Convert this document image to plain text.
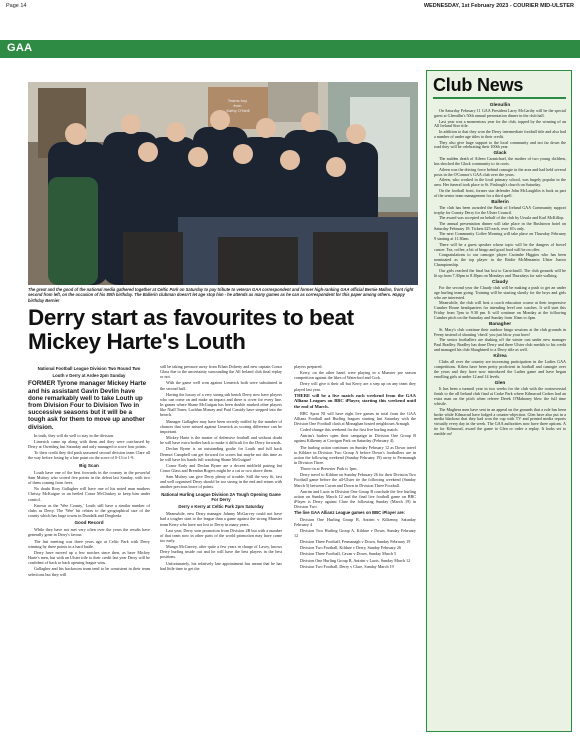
Page 14	WEDNESDAY, 1st February 2023 - COURIER MID-ULSTER
GAA
Teams buy from Kathy O'Neill
The great and the good of the national media gathered together at Celtic Park on Saturday to pay tribute to veteran GAA correspondent and former high-ranking GAA official Bernie Mallon, front right second from left, on the occasion of his 80th birthday. The Ballerin clubman doesn't let age stop him - he attends as many games as he can as correspondent for this paper among others. Happy birthday Bernie!
Derry start as favourites to beat Mickey Harte's Louth

National Football League Division Two Round Two

Louth v Derry at Ardee 2pm Sunday

FORMER Tyrone manager Mickey Harte and his assistant Gavin Devlin have done remarkably well to take Louth up from Division Four to Division Two in successive seasons but it will be a tough ask for them to move up another division.

In truth, they will do well to stay in the division.

Limerick came up along with them and they were outclassed by Derry at Owenbeg last Saturday and only managed to score four points.

To their credit they did push seasoned second division team Clare all the way before losing by a late point on the score of 0-13 to 1-9.

Big Scan

Louth have one of the best forwards in the country in the powerful Sam Mulroy who scored five points in the defeat last Sunday, with two of them coming from frees.

No doubt Rory Gallagher will have one of his noted man markers Chrissy McKaigue or an heeled Conor McCluskey to keep him under control.

Known as the 'Wee County,' Louth still have a similar number of clubs as Derry. The 'Wee' bit relates to the geographical size of the county which has large towns in Dundalk and Drogheda.

Good Record

While they have not met very often over the years the results have generally gone in Derry's favour.

The last meeting was three years ago at Celtic Park with Derry winning by three points in a hard battle.

Derry have moved up a few notches since then, as have Mickey Harte's men, but with an Ulster title to their credit last year Derry will be confident of back to back opening league wins.

Gallagher and his backroom team tend to be consistent in their team selections but they will

still be taking pressure away from Ethan Doherty and new captain Conor Glass due to the uncertainty surrounding the All Ireland club final replay or not.

With the game well won against Limerick both were substituted in the second half.

Having the luxury of a very strong sub bench Derry now have players who can come on and make an impact and there is cover for every line. In games where Shane McGuigan has been double marked other players like Niall Toner, Lachlan Murray and Paul Cassidy have stepped into the breach.

Manager Gallagher may have been secretly miffed by the number of chances that were missed against Limerick as scoring difference can be important.

Mickey Harte is the master of defensive football and without doubt he will have extra bodies back to make it difficult for the Derry forwards.

Declan Byrne is an outstanding goalie for Louth and full back Dermot Campbell can get forward for scores but maybe not this time as he will have his hands full watching Shane McGuigan!

Conor Early and Declan Byrne are a decent midfield pairing but Conor Glass and Brendan Rogers might be a cut or two above them.

Sam Mulroy can give Derry plenty of trouble. Still the very fit, fast and well organised Derry should be too strong in the end and return with another precious brace of points.

National Hurling League Division 2A Tough Opening Game For Derry

Derry v Kerry at Celtic Park 2pm Saturday

Meanwhile, new Derry manager Johnny McGarvey could not have had a tougher start to the league than a game against the strong Munster team Kerry who have not lost to Derry in many years.

Last year, Derry won promotion from Division 2B but with a number of that team now in other parts of the world promotion may have come too early.

Mungo McGarvey, after quite a few years in charge of Lavey, knows Derry hurling inside out and he will have the best players in the best positions.

Unfortunately, his relatively late appointment has meant that he has had little time to get the

players prepared.

Kerry, on the other hand, were playing in a Munster pre season competition against the likes of Waterford and Cork.

Derry will give it their all but Kerry are a step up on any team they played last year.

THERE will be a live match each weekend from the GAA Allianz Leagues on BBC iPlayer, starting this weekend until the end of March.

BBC Sport NI will have eight live games in total from the GAA Allianz Football and Hurling leagues starting last Saturday with the Division One Football clash at Monaghan hosted neighbours Armagh.

Coded change this weekend for the first live hurling match.

Antrim's hurlers open their campaign in Division One Group B against Kilkenny at Corrigan Park on Saturday (February 4).

The hurling action continues on Sunday February 12 as Down travel to Kildare in Division Two Group A before Down's footballers are in action the following weekend (Sunday February 19) away to Fermanagh in Division Three.

Throw-in at Brewster Park is 1pm.

Derry travel to Kildare on Sunday February 26 for their Division Two Football game before the all-Ulster tie the following weekend (Sunday March 5) between Cavan and Down in Division Three Football.

Antrim and Laois in Division One Group B conclude the live hurling action on Sunday March 12 and the final live football game on BBC iPlayer is Derry against Clare the following Sunday (March 19) in Division Two.

The live GAA Allianz League games on BBC iPlayer are:

Division One Hurling Group B, Antrim v Kilkenny, Saturday February 4

Division Two Hurling Group A, Kildare v Down, Sunday February 12

Division Three Football, Fermanagh v Down, Sunday February 19

Division Two Football, Kildare v Derry, Sunday February 26

Division Three Football, Cavan v Down, Sunday March 5

Division One Hurling Group B, Antrim v Laois, Sunday March 12

Division Two Football, Derry v Clare, Sunday March 19

Club News
Glenullin

On Saturday February 11 GAA President Larry McCarthy will be the special guest at Glenullin's 50th annual presentation dinner in the club hall.

Last year was a momentous year for the club, topped by the winning of an All Ireland Sixe title.

In addition to that they won the Derry intermediate football title and also had a number of under age titles to their credit.

They also give huge support to the local community and not far down the road they will be celebrating their 100th year.

Glack

The sudden death of Aileen Carmichael, the mother of two young children, has shocked the Glack community to its roots.

Aileen was the driving force behind camogie in the area and had held several posts in the O'Connor's GAA club over the years.

Aileen, who worked in the local primary school, was hugely popular in the area. Her funeral took place to St. Finlough's church on Saturday.

On the football front, former star defender John McLaughlin is back as part of the senior team management for a third spell.

Ballerin

The club has been awarded the Bank of Ireland GAA Community support trophy for County Derry for the Ulster Council.

The award was accepted on behalf of the club by Ursula and Karl McKillop.

The annual presentation dinner will take place in the Bushtown hotel on Saturday February 18. Tickets £25 each, over 16's only.

The next Community Coffee Morning will take place on Thursday February 9 starting at 11.30am.

There will be a guest speaker whose topic will be the dangers of bowel cancer. Tea, coffee, a bit of bingo and good food will be on offer.

Congratulations to our camogie player Caoimhe Higgins who has been nominated as the top player in the Bridie McMenamin Ulster Junior Championship.

Our girls reached the final but lost to Carrickmill. The club grounds will be lit up from 7.30pm to 8.30pm on Mondays and Thursdays for safe walking.

Claudy

For the second year the Claudy club will be making a push to get an under age hurling team going. Training will be starting shortly for the boys and girls who are interested.

Meanwhile, the club will host a coach education course at their impressive Cumber House headquarters for intending level one coaches. It will start this Friday from 7pm to 9.30 pm. It will continue on Monday at the following Cumber pitch on the Saturday and Sunday from 10am to 4pm.

Banagher

St. Mary's club continue their outdoor bingo sessions at the club grounds in Feeny instead of shouting 'check' you just blow your horn!

The senior footballers are shaking off the winter rust under new manager Paul Bradley. Bradley has done Derry and three Ulster club medals to his credit and managed his club Slaughtneil to a Derry title as well.

Kilrea

Clubs all over the country are increasing participation in the Ladies GAA competitions. Kilrea have been pretty proficient in football and camogie over the years and they have now introduced the Ladies game and have begun enrolling girls at under 12 and 14 levels.

Glen

It has been a turmoil year in two weeks for the club with the controversial finish to the all Ireland club final at Croke Park where Kilmacud Crokes had an extra man on the pitch when referee Derek O'Mahoney blew the full time whistle.

The Maghera men have sent in an appeal on the grounds that a rule has been broke while Kilmacud have lodged a counter-objection. Glen have also put in a media blackout that they had won the cup with TV and printed media reports virtually every day in the week. The GAA authorities now have three options. A tie for Kilmacud, award the game to Glen or order a replay. It looks set to rumble on!
